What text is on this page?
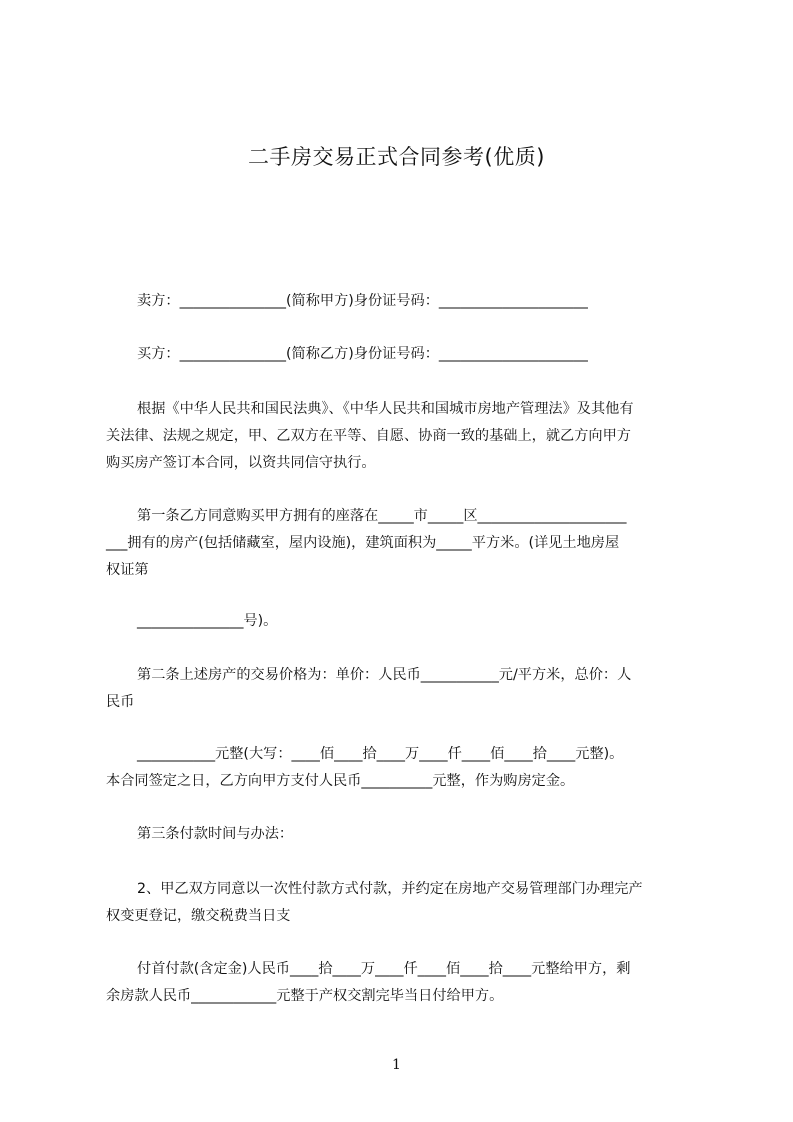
二手房交易正式合同参考(优质)

卖方：_______________(简称甲方)身份证号码：_____________________

买方：_______________(简称乙方)身份证号码：_____________________

根据《中华人民共和国民法典》、《中华人民共和国城市房地产管理法》及其他有

关法律、法规之规定，甲、乙双方在平等、自愿、协商一致的基础上，就乙方向甲方

购买房产签订本合同，以资共同信守执行。

第一条乙方同意购买甲方拥有的座落在_____市_____区_____________________

___拥有的房产(包括储藏室，屋内设施)，建筑面积为_____平方米。(详见土地房屋

权证第

_______________号)。

第二条上述房产的交易价格为：单价：人民币___________元/平方米，总价：人

民币

___________元整(大写：____佰____拾____万____仟____佰____拾____元整)。

本合同签定之日，乙方向甲方支付人民币__________元整，作为购房定金。

第三条付款时间与办法：

2、甲乙双方同意以一次性付款方式付款，并约定在房地产交易管理部门办理完产

权变更登记，缴交税费当日支

付首付款(含定金)人民币____拾____万____仟____佰____拾____元整给甲方，剩

余房款人民币____________元整于产权交割完毕当日付给甲方。

1
